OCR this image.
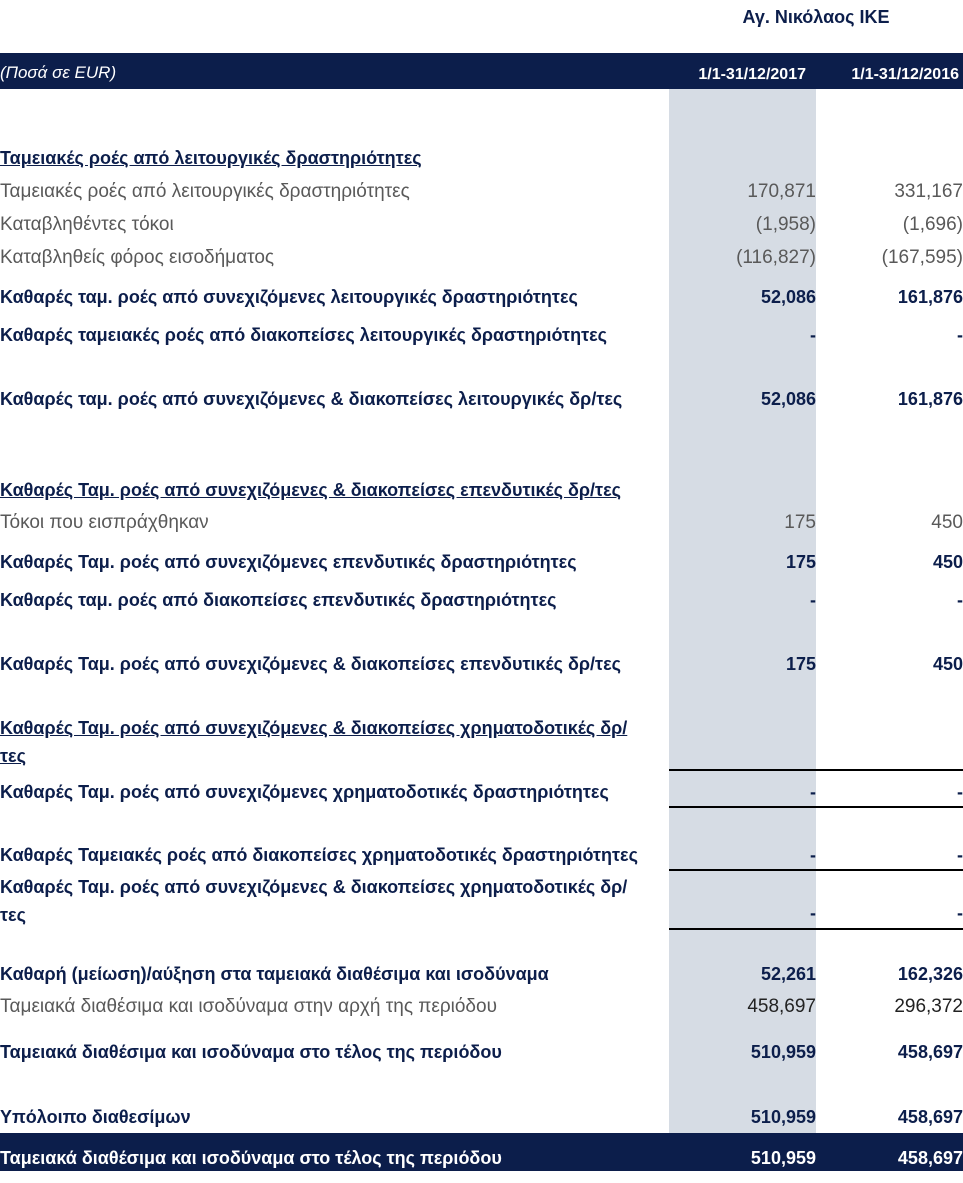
Αγ. Νικόλαος ΙΚΕ
(Ποσά σε EUR)	1/1-31/12/2017	1/1-31/12/2016
Ταμειακές ροές από λειτουργικές δραστηριότητες
Ταμειακές ροές από λειτουργικές δραστηριότητες	170,871	331,167
Καταβληθέντες τόκοι	(1,958)	(1,696)
Καταβληθείς φόρος εισοδήματος	(116,827)	(167,595)
Καθαρές ταμ. ροές από συνεχιζόμενες λειτουργικές δραστηριότητες	52,086	161,876
Καθαρές ταμειακές ροές από διακοπείσες λειτουργικές δραστηριότητες	-	-
Καθαρές ταμ. ροές από συνεχιζόμενες & διακοπείσες λειτουργικές δρ/τες	52,086	161,876
Καθαρές Ταμ. ροές από συνεχιζόμενες & διακοπείσες επενδυτικές δρ/τες
Τόκοι που εισπράχθηκαν	175	450
Καθαρές Ταμ. ροές από συνεχιζόμενες επενδυτικές δραστηριότητες	175	450
Καθαρές ταμ. ροές από διακοπείσες επενδυτικές δραστηριότητες	-	-
Καθαρές Ταμ. ροές από συνεχιζόμενες & διακοπείσες επενδυτικές δρ/τες	175	450
Καθαρές Ταμ. ροές από συνεχιζόμενες & διακοπείσες χρηματοδοτικές δρ/τες
Καθαρές Ταμ. ροές από συνεχιζόμενες χρηματοδοτικές δραστηριότητες	-	-
Καθαρές Ταμειακές ροές από διακοπείσες χρηματοδοτικές δραστηριότητες	-	-
Καθαρές Ταμ. ροές από συνεχιζόμενες & διακοπείσες χρηματοδοτικές δρ/τες	-	-
Καθαρή (μείωση)/αύξηση στα ταμειακά διαθέσιμα και ισοδύναμα	52,261	162,326
Ταμειακά διαθέσιμα και ισοδύναμα στην αρχή της περιόδου	458,697	296,372
Ταμειακά διαθέσιμα και ισοδύναμα στο τέλος της περιόδου	510,959	458,697
Υπόλοιπο διαθεσίμων	510,959	458,697
Ταμειακά διαθέσιμα και ισοδύναμα στο τέλος της περιόδου	510,959	458,697
